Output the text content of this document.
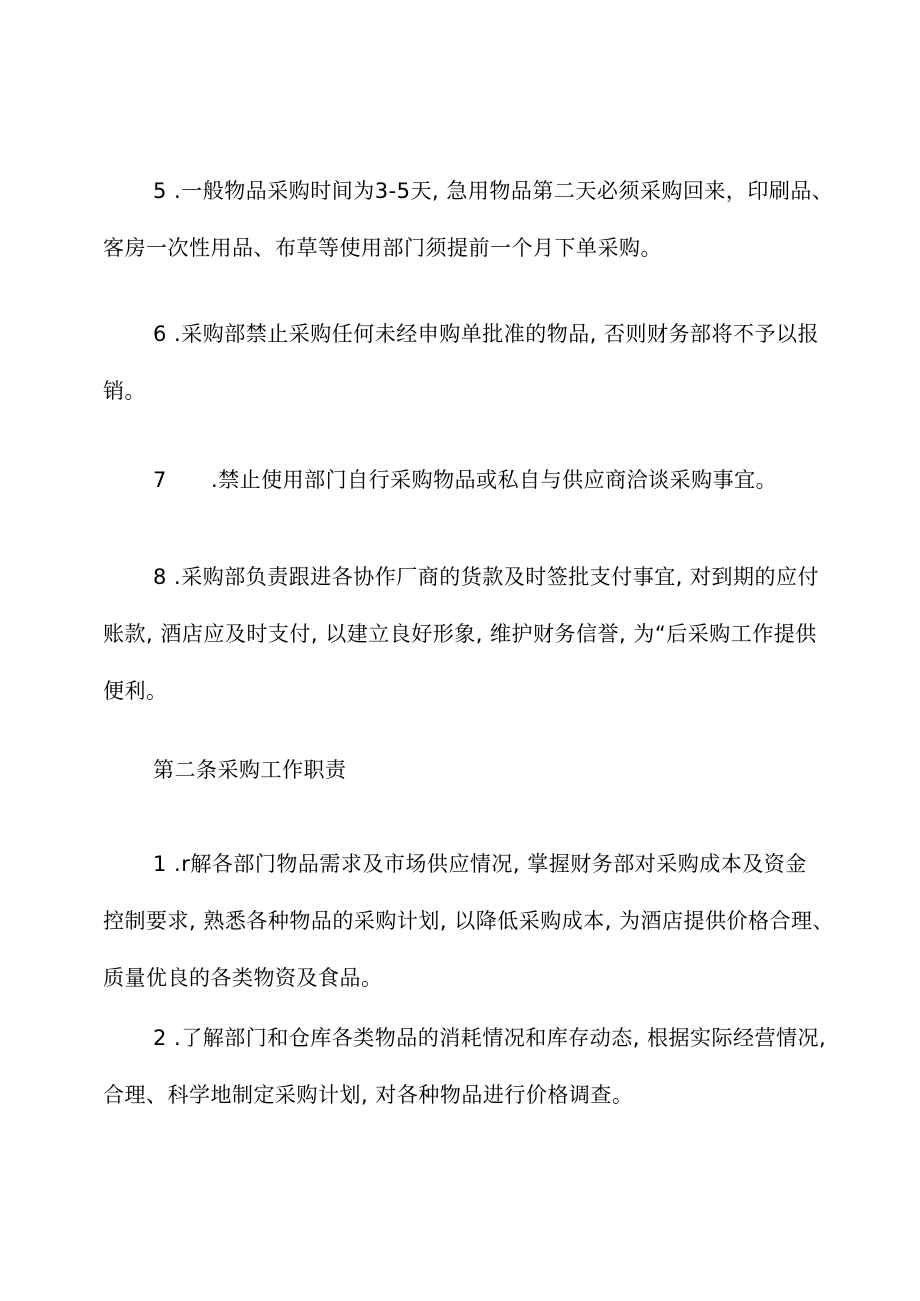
5 .一般物品采购时间为3-5天, 急用物品第二天必须采购回来，印刷品、
客房一次性用品、布草等使用部门须提前一个月下单采购。
6 .采购部禁止采购任何未经申购单批准的物品, 否则财务部将不予以报
销。
7 .禁止使用部门自行采购物品或私自与供应商洽谈采购事宜。
8 .采购部负责跟进各协作厂商的货款及时签批支付事宜, 对到期的应付
账款, 酒店应及时支付, 以建立良好形象, 维护财务信誉, 为“后采购工作提供
便利。
第二条采购工作职责
1 .r解各部门物品需求及市场供应情况, 掌握财务部对采购成本及资金
控制要求, 熟悉各种物品的采购计划, 以降低采购成本, 为酒店提供价格合理、
质量优良的各类物资及食品。
2 .了解部门和仓库各类物品的消耗情况和库存动态, 根据实际经营情况,
合理、科学地制定采购计划, 对各种物品进行价格调查。
